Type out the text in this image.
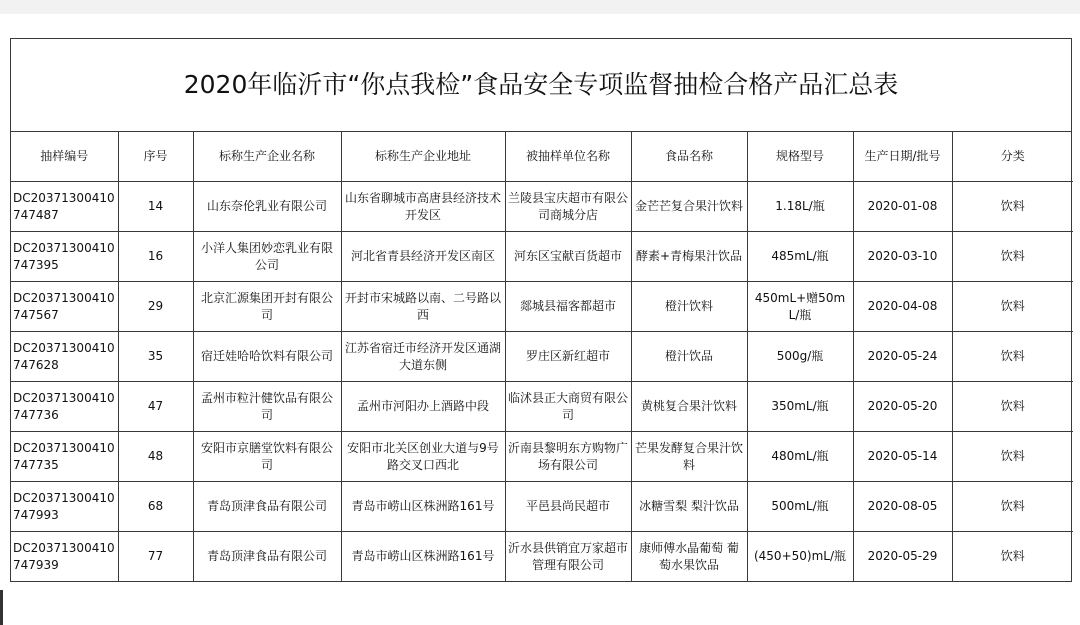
2020年临沂市“你点我检”食品安全专项监督抽检合格产品汇总表
抽样编号	序号	标称生产企业名称	标称生产企业地址	被抽样单位名称	食品名称	规格型号	生产日期/批号	分类
DC20371300410747487	14	山东奈伦乳业有限公司	山东省聊城市高唐县经济技术开发区	兰陵县宝庆超市有限公司商城分店	金芒芒复合果汁饮料	1.18L/瓶	2020-01-08	饮料
DC20371300410747395	16	小洋人集团妙恋乳业有限公司	河北省青县经济开发区南区	河东区宝献百货超市	酵素+青梅果汁饮品	485mL/瓶	2020-03-10	饮料
DC20371300410747567	29	北京汇源集团开封有限公司	开封市宋城路以南、二号路以西	郯城县福客都超市	橙汁饮料	450mL+赠50mL/瓶	2020-04-08	饮料
DC20371300410747628	35	宿迁娃哈哈饮料有限公司	江苏省宿迁市经济开发区通湖大道东侧	罗庄区新红超市	橙汁饮品	500g/瓶	2020-05-24	饮料
DC20371300410747736	47	孟州市粒汁健饮品有限公司	孟州市河阳办上酒路中段	临沭县正大商贸有限公司	黄桃复合果汁饮料	350mL/瓶	2020-05-20	饮料
DC20371300410747735	48	安阳市京膳堂饮料有限公司	安阳市北关区创业大道与9号路交叉口西北	沂南县黎明东方购物广场有限公司	芒果发酵复合果汁饮料	480mL/瓶	2020-05-14	饮料
DC20371300410747993	68	青岛顶津食品有限公司	青岛市崂山区株洲路161号	平邑县尚民超市	冰糖雪梨 梨汁饮品	500mL/瓶	2020-08-05	饮料
DC20371300410747939	77	青岛顶津食品有限公司	青岛市崂山区株洲路161号	沂水县供销宜万家超市管理有限公司	康师傅水晶葡萄 葡萄水果饮品	(450+50)mL/瓶	2020-05-29	饮料
